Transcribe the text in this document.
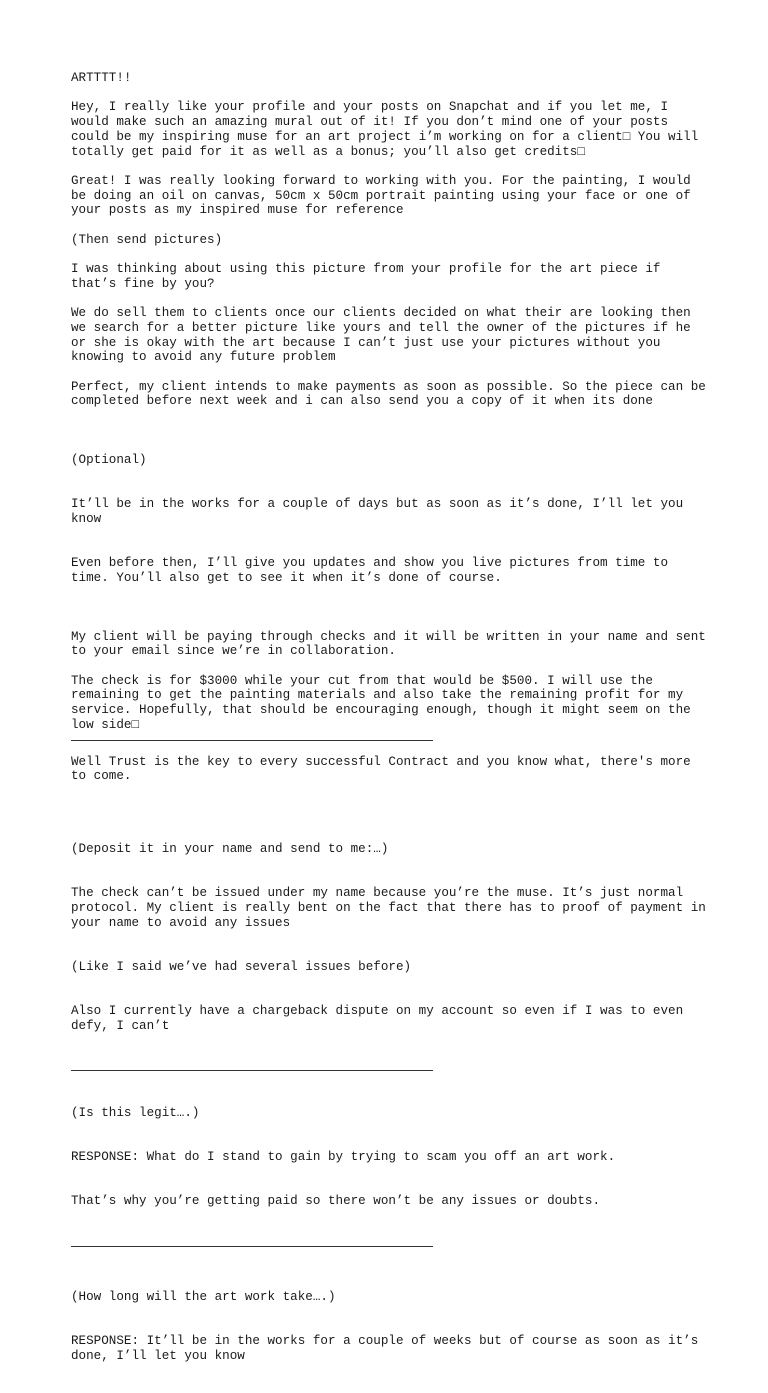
ARTTTT!!

Hey, I really like your profile and your posts on Snapchat and if you let me, I would make such an amazing mural out of it! If you don’t mind one of your posts could be my inspiring muse for an art project i’m working on for a client□ You will totally get paid for it as well as a bonus; you’ll also get credits□

Great! I was really looking forward to working with you. For the painting, I would be doing an oil on canvas, 50cm x 50cm portrait painting using your face or one of your posts as my inspired muse for reference

(Then send pictures)

I was thinking about using this picture from your profile for the art piece if that’s fine by you?

We do sell them to clients once our clients decided on what their are looking then we search for a better picture like yours and tell the owner of the pictures if he or she is okay with the art because I can’t just use your pictures without you knowing to avoid any future problem

Perfect, my client intends to make payments as soon as possible. So the piece can be completed before next week and i can also send you a copy of it when its done

(Optional)

It’ll be in the works for a couple of days but as soon as it’s done, I’ll let you know

Even before then, I’ll give you updates and show you live pictures from time to time. You’ll also get to see it when it’s done of course.

My client will be paying through checks and it will be written in your name and sent to your email since we’re in collaboration.

The check is for $3000 while your cut from that would be $500. I will use the remaining to get the painting materials and also take the remaining profit for my service. Hopefully, that should be encouraging enough, though it might seem on the low side□

Well Trust is the key to every successful Contract and you know what, there's more to come.

(Deposit it in your name and send to me:…)

The check can’t be issued under my name because you’re the muse. It’s just normal protocol. My client is really bent on the fact that there has to proof of payment in your name to avoid any issues

(Like I said we’ve had several issues before)

Also I currently have a chargeback dispute on my account so even if I was to even defy, I can’t

(Is this legit….)

RESPONSE: What do I stand to gain by trying to scam you off an art work.

That’s why you’re getting paid so there won’t be any issues or doubts.

(How long will the art work take….)

RESPONSE: It’ll be in the works for a couple of weeks but of course as soon as it’s done, I’ll let you know
